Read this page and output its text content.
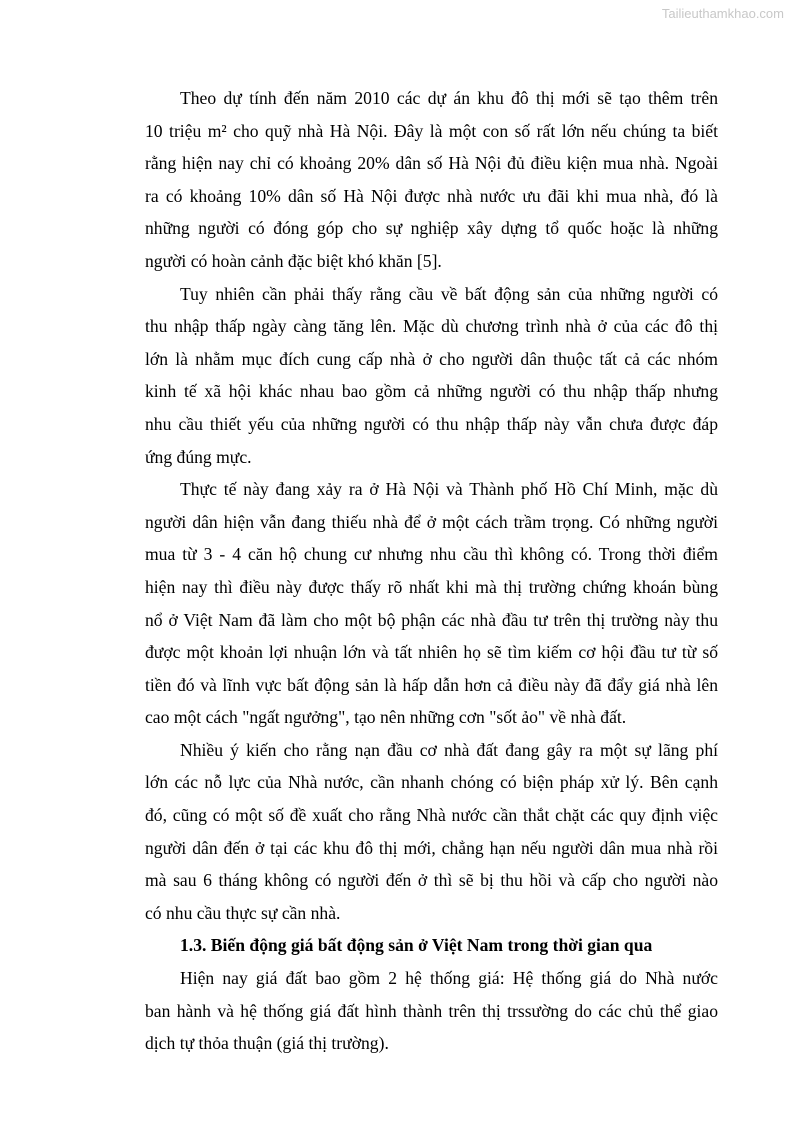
Tailieuthamkhao.com
Theo dự tính đến năm 2010 các dự án khu đô thị mới sẽ tạo thêm trên
10 triệu m² cho quỹ nhà Hà Nội. Đây là một con số rất lớn nếu chúng ta biết
rằng hiện nay chỉ có khoảng 20% dân số Hà Nội đủ điều kiện mua nhà. Ngoài
ra có khoảng 10% dân số Hà Nội được nhà nước ưu đãi khi mua nhà, đó là
những người có đóng góp cho sự nghiệp xây dựng tổ quốc hoặc là những
người có hoàn cảnh đặc biệt khó khăn [5].
Tuy nhiên cần phải thấy rằng cầu về bất động sản của những người có
thu nhập thấp ngày càng tăng lên. Mặc dù chương trình nhà ở của các đô thị
lớn là nhằm mục đích cung cấp nhà ở cho người dân thuộc tất cả các nhóm
kinh tế xã hội khác nhau bao gồm cả những người có thu nhập thấp nhưng
nhu cầu thiết yếu của những người có thu nhập thấp này vẫn chưa được đáp
ứng đúng mực.
Thực tế này đang xảy ra ở Hà Nội và Thành phố Hồ Chí Minh, mặc dù
người dân hiện vẫn đang thiếu nhà để ở một cách trầm trọng. Có những người
mua từ 3 - 4 căn hộ chung cư nhưng nhu cầu thì không có. Trong thời điểm
hiện nay thì điều này được thấy rõ nhất khi mà thị trường chứng khoán bùng
nổ ở Việt Nam đã làm cho một bộ phận các nhà đầu tư trên thị trường này thu
được một khoản lợi nhuận lớn và tất nhiên họ sẽ tìm kiếm cơ hội đầu tư từ số
tiền đó và lĩnh vực bất động sản là hấp dẫn hơn cả điều này đã đẩy giá nhà lên
cao một cách "ngất ngưởng", tạo nên những cơn "sốt ảo" về nhà đất.
Nhiều ý kiến cho rằng nạn đầu cơ nhà đất đang gây ra một sự lãng phí
lớn các nỗ lực của Nhà nước, cần nhanh chóng có biện pháp xử lý. Bên cạnh
đó, cũng có một số đề xuất cho rằng Nhà nước cần thắt chặt các quy định việc
người dân đến ở tại các khu đô thị mới, chẳng hạn nếu người dân mua nhà rồi
mà sau 6 tháng không có người đến ở thì sẽ bị thu hồi và cấp cho người nào
có nhu cầu thực sự cần nhà.
1.3. Biến động giá bất động sản ở Việt Nam trong thời gian qua
Hiện nay giá đất bao gồm 2 hệ thống giá: Hệ thống giá do Nhà nước
ban hành và hệ thống giá đất hình thành trên thị trssường do các chủ thể giao
dịch tự thỏa thuận (giá thị trường).
